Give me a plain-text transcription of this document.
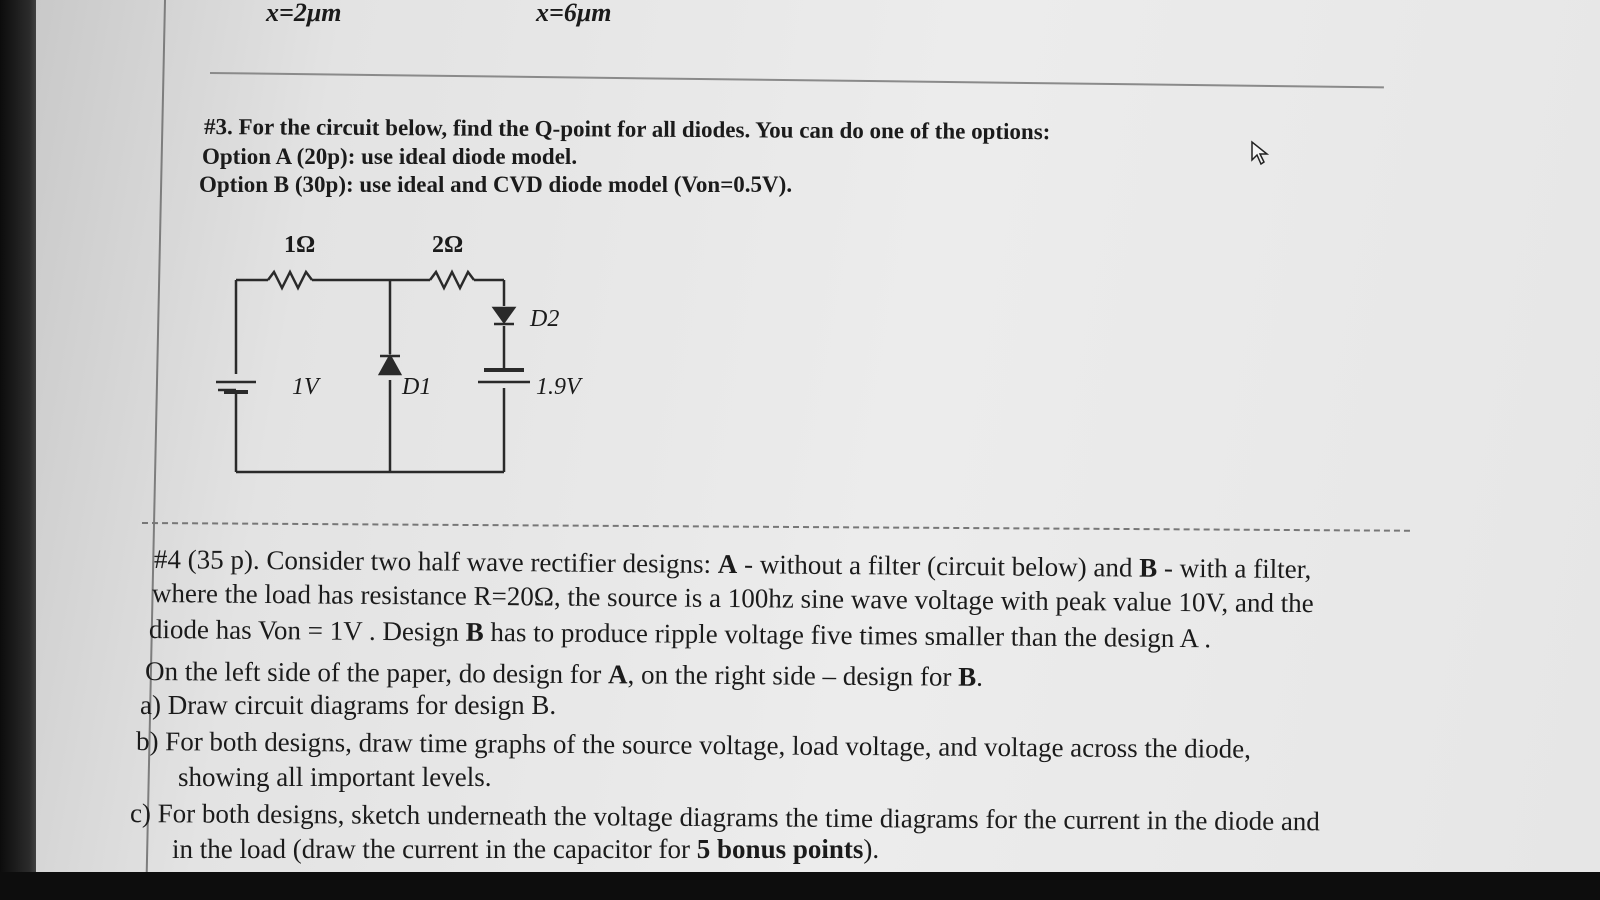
x=2μm	x=6μm
#3. For the circuit below, find the Q-point for all diodes. You can do one of the options:
Option A (20p): use ideal diode model.
Option B (30p): use ideal and CVD diode model (Von=0.5V).
1Ω	2Ω
1V	D1
D2
1.9V
#4 (35 p). Consider two half wave rectifier designs: A - without a filter (circuit below) and B - with a filter,
where the load has resistance R=20Ω, the source is a 100hz sine wave voltage with peak value 10V, and the
diode has Von = 1V . Design B has to produce ripple voltage five times smaller than the design A .
On the left side of the paper, do design for A, on the right side – design for B.
a) Draw circuit diagrams for design B.
b) For both designs, draw time graphs of the source voltage, load voltage, and voltage across the diode,
showing all important levels.
c) For both designs, sketch underneath the voltage diagrams the time diagrams for the current in the diode and
in the load (draw the current in the capacitor for 5 bonus points).
